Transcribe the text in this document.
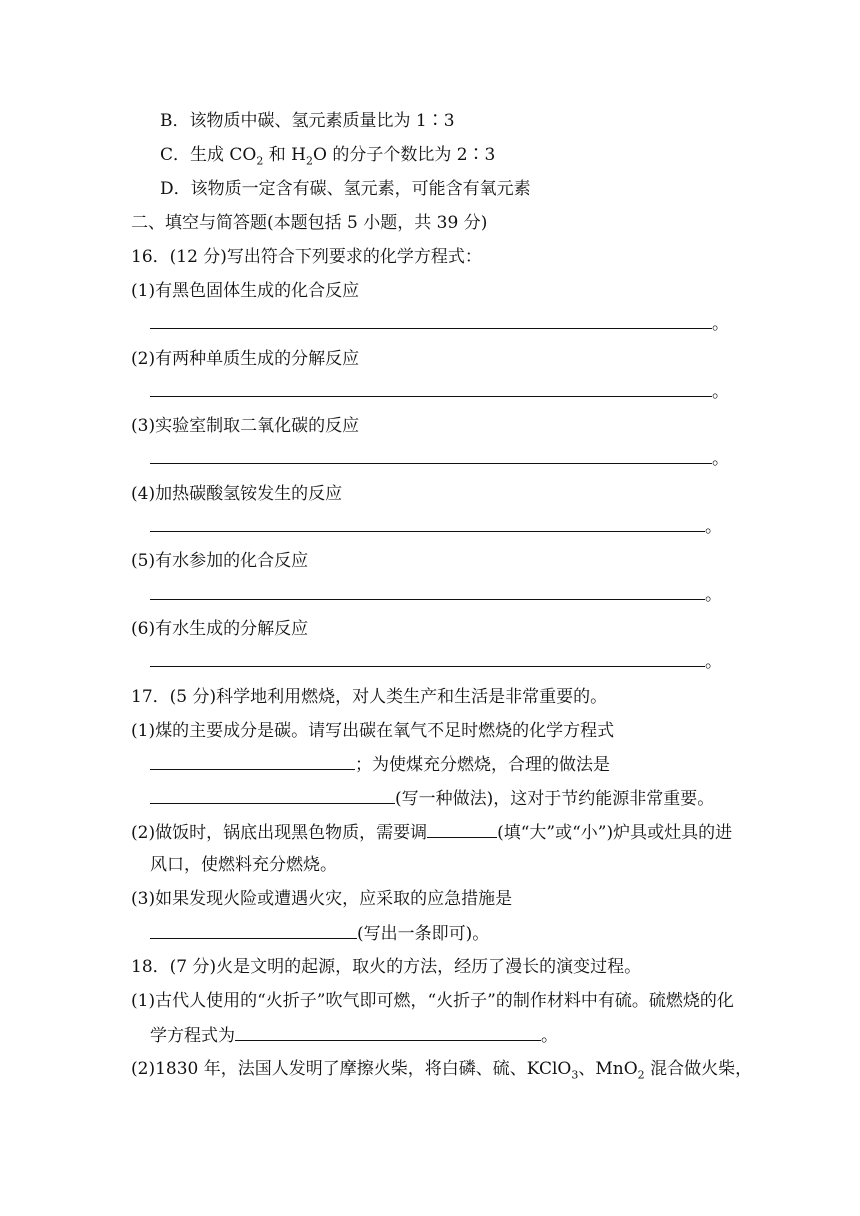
B．该物质中碳、氢元素质量比为 1∶3
C．生成 $CO_2$ 和 $H_2O$ 的分子个数比为 2∶3
D．该物质一定含有碳、氢元素，可能含有氧元素
二、填空与简答题(本题包括 5 小题，共 39 分)
16．(12 分)写出符合下列要求的化学方程式：
(1)有黑色固体生成的化合反应
。
(2)有两种单质生成的分解反应
。
(3)实验室制取二氧化碳的反应
。
(4)加热碳酸氢铵发生的反应
。
(5)有水参加的化合反应
。
(6)有水生成的分解反应
。
17．(5 分)科学地利用燃烧，对人类生产和生活是非常重要的。
(1)煤的主要成分是碳。请写出碳在氧气不足时燃烧的化学方程式
；为使煤充分燃烧，合理的做法是
(写一种做法)，这对于节约能源非常重要。
(2)做饭时，锅底出现黑色物质，需要调	(填“大”或“小”)炉具或灶具的进
风口，使燃料充分燃烧。
(3)如果发现火险或遭遇火灾，应采取的应急措施是
(写出一条即可)。
18．(7 分)火是文明的起源，取火的方法，经历了漫长的演变过程。
(1)古代人使用的“火折子”吹气即可燃，“火折子”的制作材料中有硫。硫燃烧的化
学方程式为	。
(2)1830 年，法国人发明了摩擦火柴，将白磷、硫、KClO$_3$、MnO$_2$ 混合做火柴，
